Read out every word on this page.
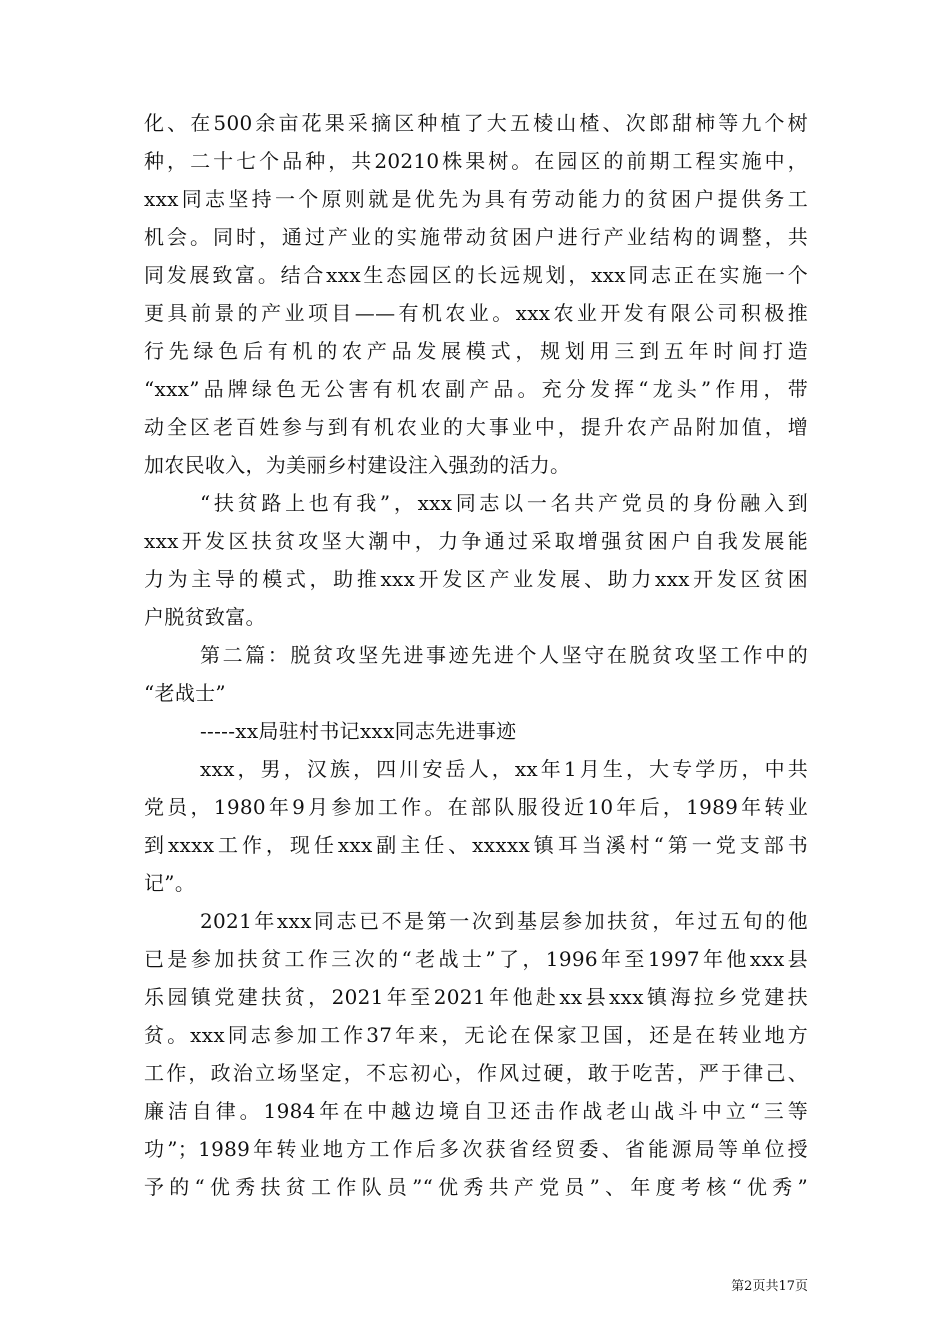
化、在500余亩花果采摘区种植了大五棱山楂、次郎甜柿等九个树
种，二十七个品种，共20210株果树。在园区的前期工程实施中，
xxx同志坚持一个原则就是优先为具有劳动能力的贫困户提供务工
机会。同时，通过产业的实施带动贫困户进行产业结构的调整，共
同发展致富。结合xxx生态园区的长远规划，xxx同志正在实施一个
更具前景的产业项目——有机农业。xxx农业开发有限公司积极推
行先绿色后有机的农产品发展模式，规划用三到五年时间打造
“xxx”品牌绿色无公害有机农副产品。充分发挥“龙头”作用，带
动全区老百姓参与到有机农业的大事业中，提升农产品附加值，增
加农民收入，为美丽乡村建设注入强劲的活力。
“扶贫路上也有我”，xxx同志以一名共产党员的身份融入到
xxx开发区扶贫攻坚大潮中，力争通过采取增强贫困户自我发展能
力为主导的模式，助推xxx开发区产业发展、助力xxx开发区贫困
户脱贫致富。
第二篇：脱贫攻坚先进事迹先进个人坚守在脱贫攻坚工作中的
“老战士”
-----xx局驻村书记xxx同志先进事迹
xxx，男，汉族，四川安岳人，xx年1月生，大专学历，中共
党员，1980年9月参加工作。在部队服役近10年后，1989年转业
到xxxx工作，现任xxx副主任、xxxxx镇耳当溪村“第一党支部书
记”。
2021年xxx同志已不是第一次到基层参加扶贫，年过五旬的他
已是参加扶贫工作三次的“老战士”了，1996年至1997年他xxx县
乐园镇党建扶贫，2021年至2021年他赴xx县xxx镇海拉乡党建扶
贫。xxx同志参加工作37年来，无论在保家卫国，还是在转业地方
工作，政治立场坚定，不忘初心，作风过硬，敢于吃苦，严于律己、
廉洁自律。1984年在中越边境自卫还击作战老山战斗中立“三等
功”；1989年转业地方工作后多次获省经贸委、省能源局等单位授
予的“优秀扶贫工作队员”“优秀共产党员”、年度考核“优秀”
第2页共17页
